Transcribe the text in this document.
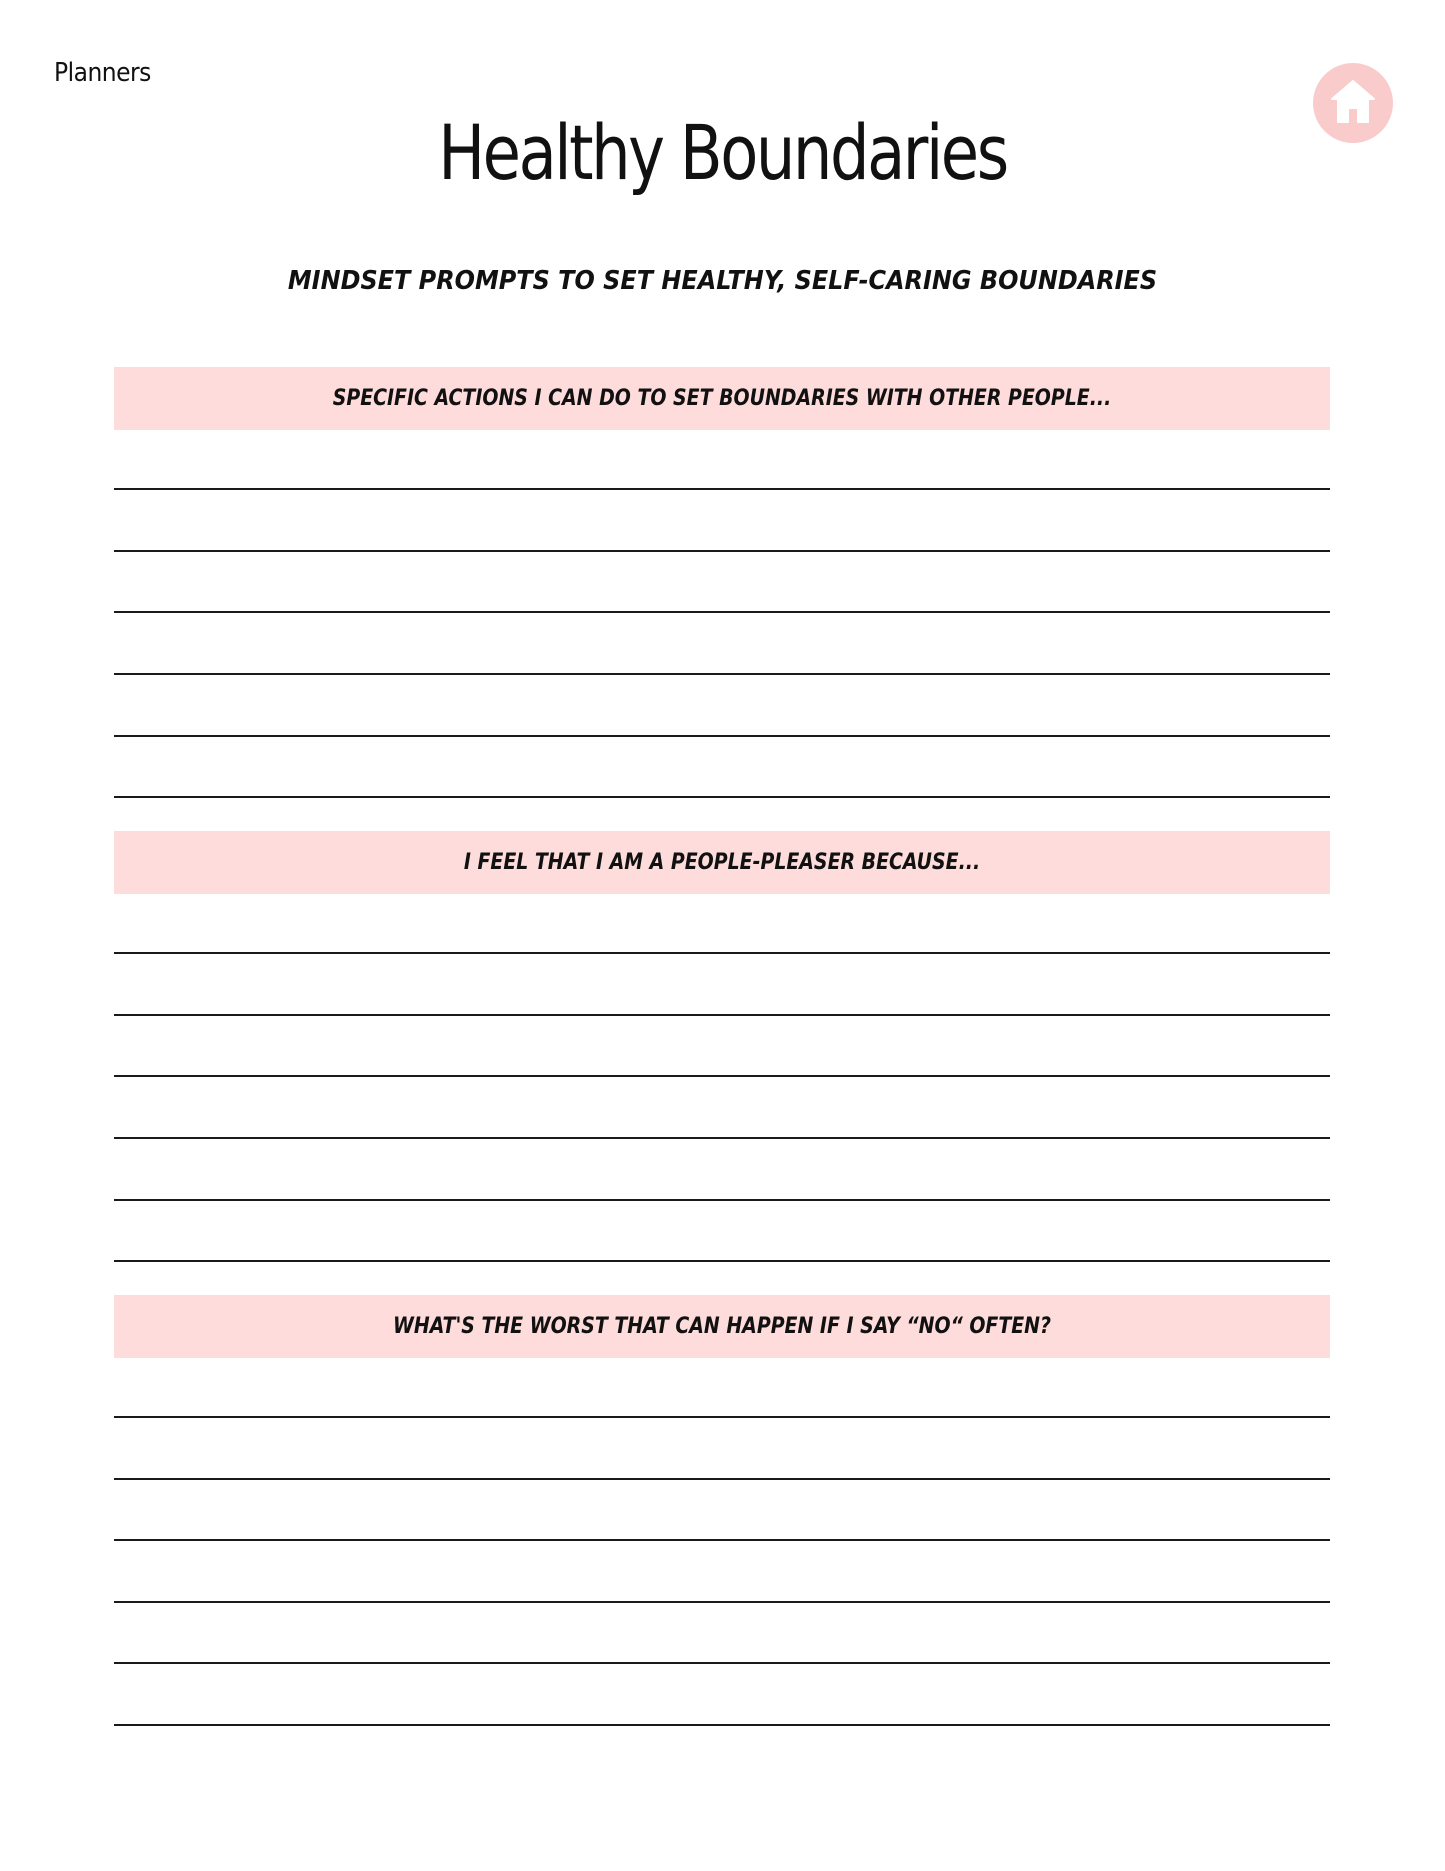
Planners
Healthy Boundaries
MINDSET PROMPTS TO SET HEALTHY, SELF-CARING BOUNDARIES
SPECIFIC ACTIONS I CAN DO TO SET BOUNDARIES WITH OTHER PEOPLE...
I FEEL THAT I AM A PEOPLE-PLEASER BECAUSE...
WHAT'S THE WORST THAT CAN HAPPEN IF I SAY “NO“ OFTEN?
